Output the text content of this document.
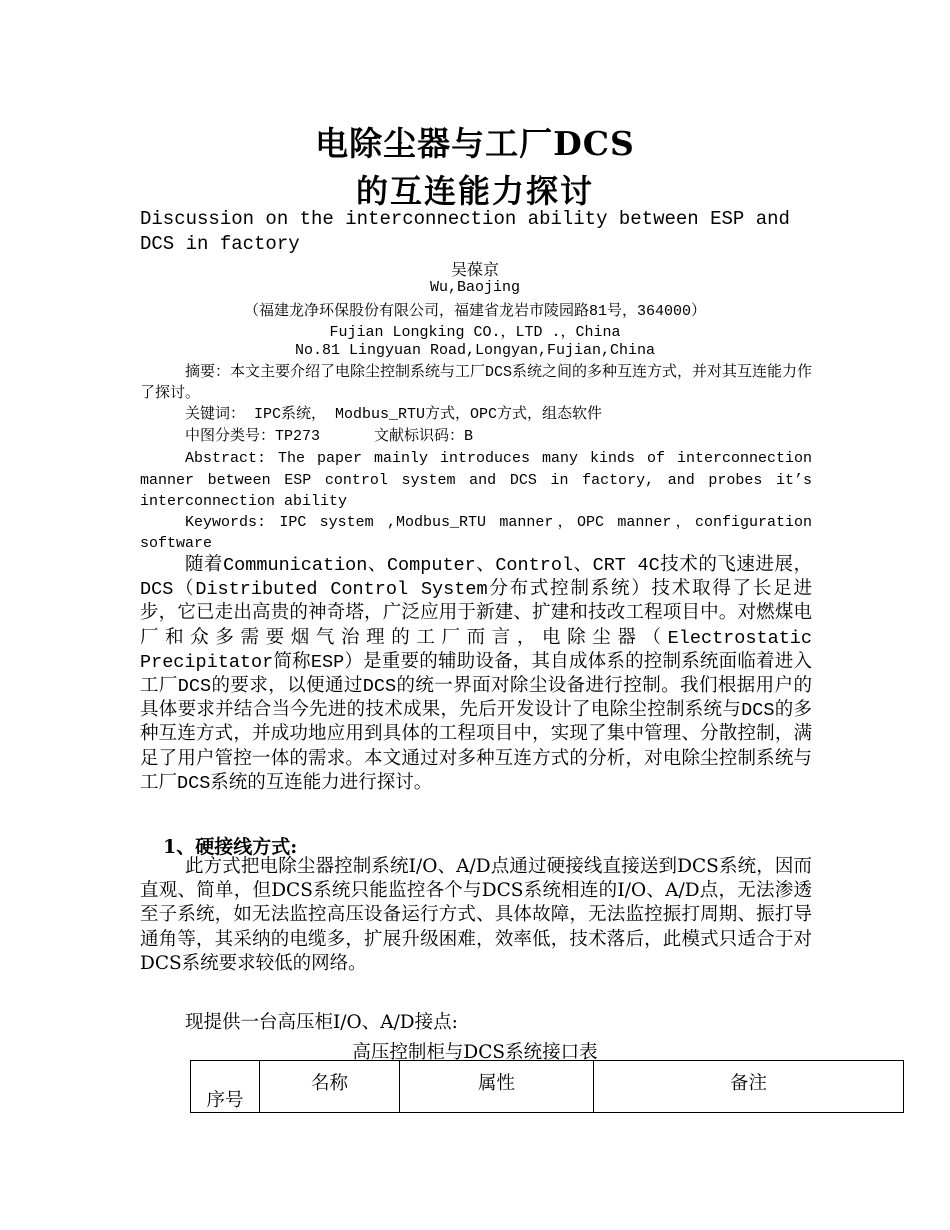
电除尘器与工厂DCS
的互连能力探讨
Discussion on the interconnection ability between ESP and DCS in factory
吴葆京
Wu,Baojing
（福建龙净环保股份有限公司，福建省龙岩市陵园路81号，364000）
Fujian Longking CO.，LTD .，China
No.81 Lingyuan Road,Longyan,Fujian,China
摘要：本文主要介绍了电除尘控制系统与工厂DCS系统之间的多种互连方式，并对其互连能力作了探讨。
关键词： IPC系统， Modbus_RTU方式，OPC方式，组态软件
中图分类号：TP273      文献标识码：B
Abstract: The paper mainly introduces many kinds of interconnection manner between ESP control system and DCS in factory, and probes it’s interconnection ability
Keywords: IPC system ,Modbus_RTU manner，OPC manner，configuration software
随着Communication、Computer、Control、CRT 4C技术的飞速进展，DCS（Distributed Control System分布式控制系统）技术取得了长足进步，它已走出高贵的神奇塔，广泛应用于新建、扩建和技改工程项目中。对燃煤电厂和众多需要烟气治理的工厂而言，电除尘器（Electrostatic Precipitator简称ESP）是重要的辅助设备，其自成体系的控制系统面临着进入工厂DCS的要求，以便通过DCS的统一界面对除尘设备进行控制。我们根据用户的具体要求并结合当今先进的技术成果，先后开发设计了电除尘控制系统与DCS的多种互连方式，并成功地应用到具体的工程项目中，实现了集中管理、分散控制，满足了用户管控一体的需求。本文通过对多种互连方式的分析，对电除尘控制系统与工厂DCS系统的互连能力进行探讨。
1、硬接线方式:
此方式把电除尘器控制系统I/O、A/D点通过硬接线直接送到DCS系统，因而直观、简单，但DCS系统只能监控各个与DCS系统相连的I/O、A/D点，无法渗透至子系统，如无法监控高压设备运行方式、具体故障，无法监控振打周期、振打导通角等，其采纳的电缆多，扩展升级困难，效率低，技术落后，此模式只适合于对DCS系统要求较低的网络。
现提供一台高压柜I/O、A/D接点:
高压控制柜与DCS系统接口表
序号	名称	属性	备注
